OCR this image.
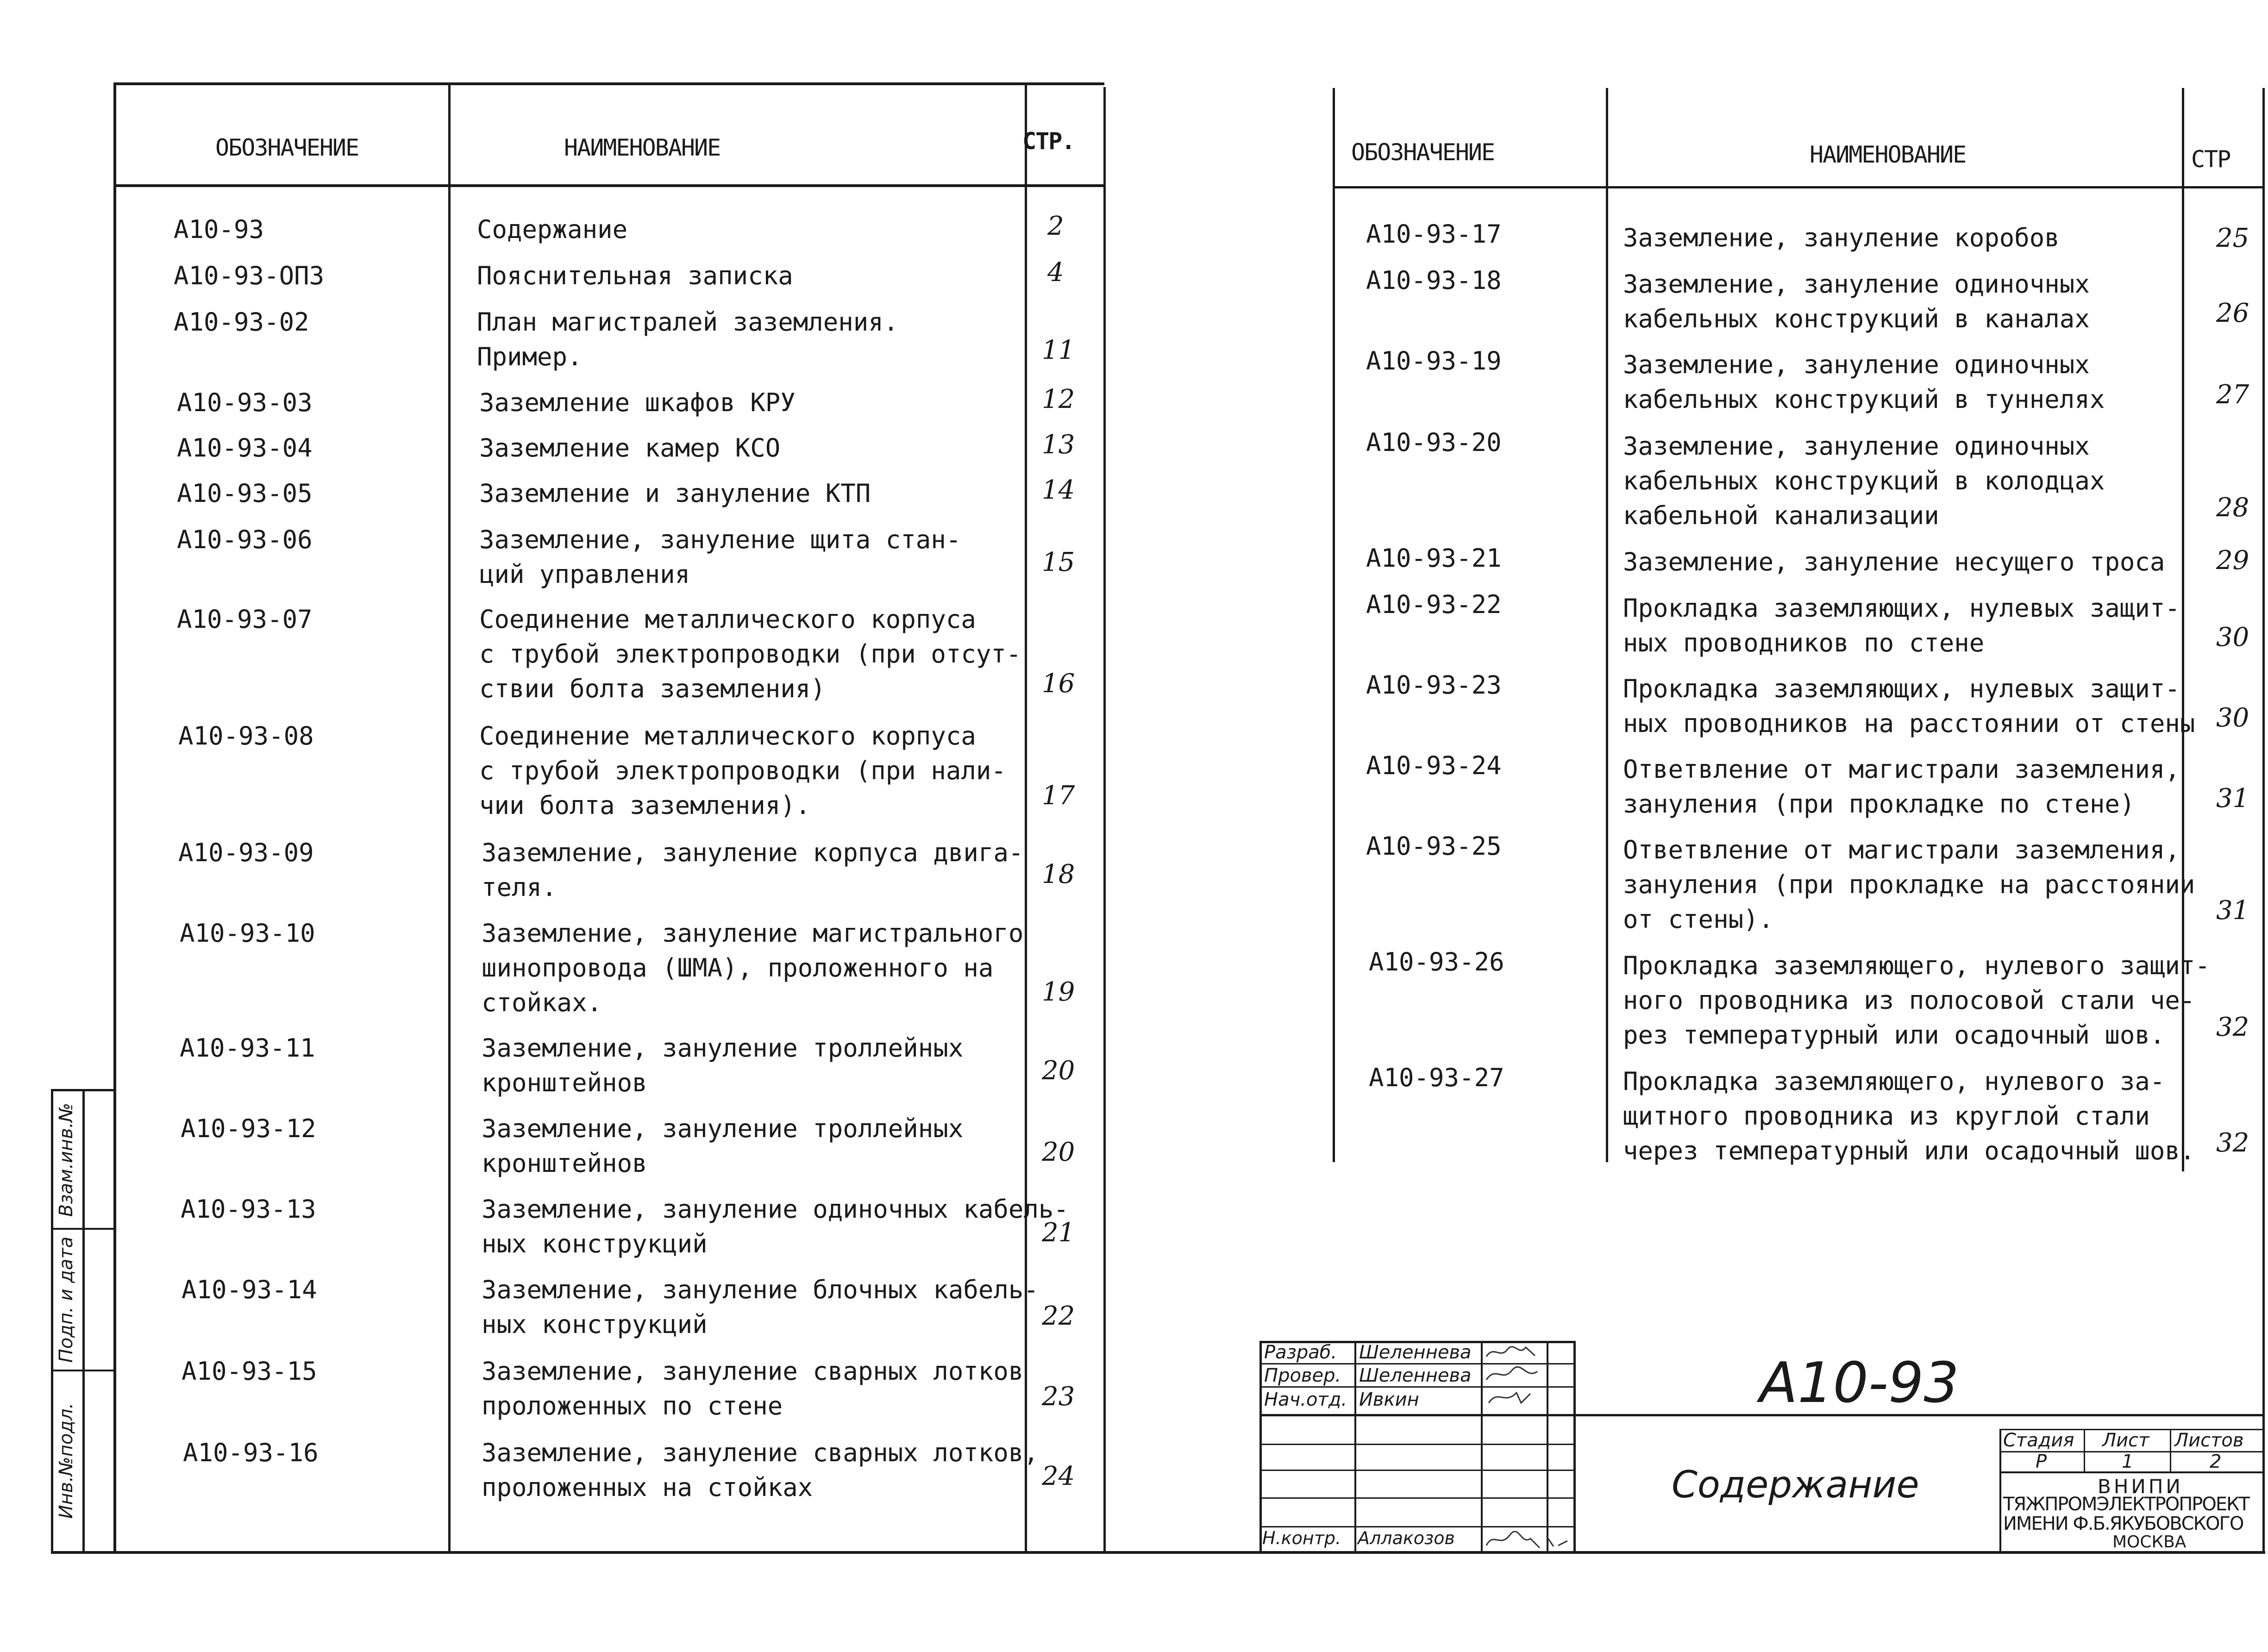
ОБОЗНАЧЕНИЕ	НАИМЕНОВАНИЕ	СТР.
А10-93	Содержание	2
А10-93-ОПЗ	Пояснительная записка	4
А10-93-02	План магистралей заземления.
Пример.	11
А10-93-03	Заземление шкафов КРУ	12
А10-93-04	Заземление камер КСО	13
А10-93-05	Заземление и зануление КТП	14
А10-93-06	Заземление, зануление щита стан-
ций управления	15
А10-93-07	Соединение металлического корпуса
с трубой электропроводки (при отсут-
ствии болта заземления)	16
А10-93-08	Соединение металлического корпуса
с трубой электропроводки (при нали-
чии болта заземления).	17
А10-93-09	Заземление, зануление корпуса двига-
теля.	18
А10-93-10	Заземление, зануление магистрального
шинопровода (ШМА), проложенного на
стойках.	19
А10-93-11	Заземление, зануление троллейных
кронштейнов	20
А10-93-12	Заземление, зануление троллейных
кронштейнов	20
А10-93-13	Заземление, зануление одиночных кабель-
ных конструкций	21
А10-93-14	Заземление, зануление блочных кабель-
ных конструкций	22
А10-93-15	Заземление, зануление сварных лотков
проложенных по стене	23
А10-93-16	Заземление, зануление сварных лотков,
проложенных на стойках	24
ОБОЗНАЧЕНИЕ	НАИМЕНОВАНИЕ	СТР
А10-93-17	Заземление, зануление коробов	25
А10-93-18	Заземление, зануление одиночных
кабельных конструкций в каналах	26
А10-93-19	Заземление, зануление одиночных
кабельных конструкций в туннелях	27
А10-93-20	Заземление, зануление одиночных
кабельных конструкций в колодцах
кабельной канализации	28
А10-93-21	Заземление, зануление несущего троса 29
А10-93-22	Прокладка заземляющих, нулевых защит-
ных проводников по стене	30
А10-93-23	Прокладка заземляющих, нулевых защит-
ных проводников на расстоянии от стены 30
А10-93-24	Ответвление от магистрали заземления,
зануления (при прокладке по стене)	31
А10-93-25	Ответвление от магистрали заземления,
зануления (при прокладке на расстоянии
от стены).	31
А10-93-26	Прокладка заземляющего, нулевого защит-
ного проводника из полосовой стали че-
рез температурный или осадочный шов.	32
А10-93-27	Прокладка заземляющего, нулевого за-
щитного проводника из круглой стали
через температурный или осадочный шов. 32
Взам.инв.№
Подп. и дата
Инв.№подл.
Разраб. Шеленнева
Провер. Шеленнева
Нач.отд. Ивкин
Н.контр. Аллакозов
А10-93
Содержание
Стадия Лист Листов
Р	1	2
ВНИПИ
ТЯЖПРОМЭЛЕКТРОПРОЕКТ
ИМЕНИ Ф.Б.ЯКУБОВСКОГО
МОСКВА
